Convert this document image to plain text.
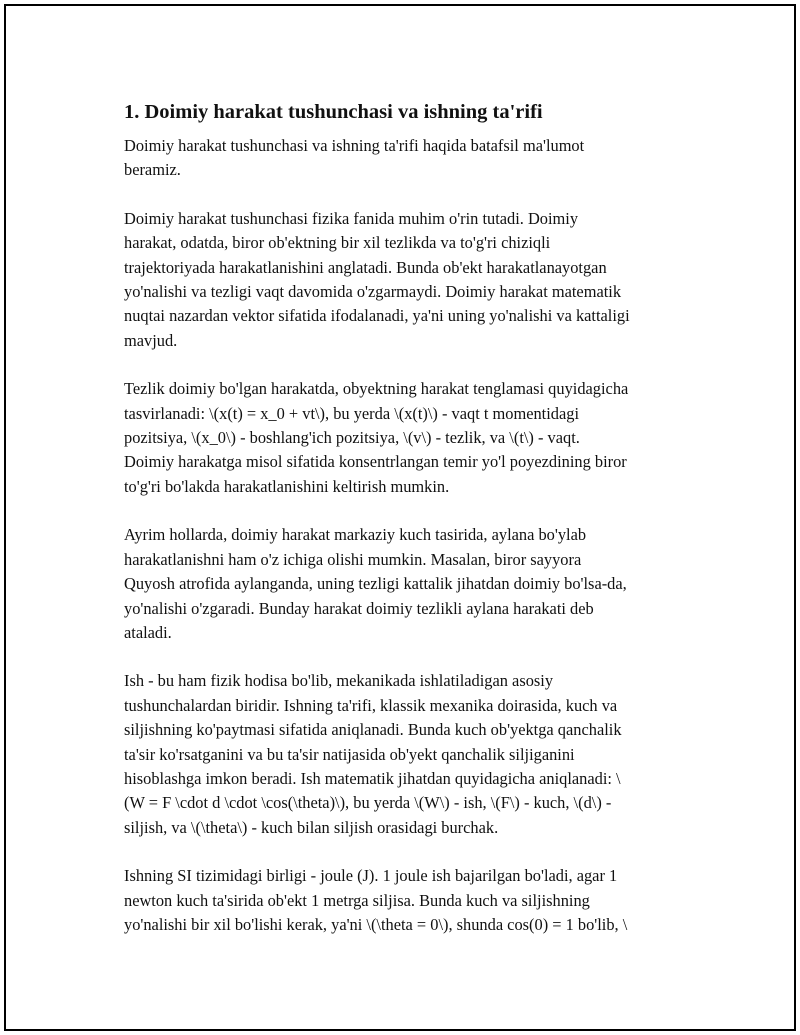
1. Doimiy harakat tushunchasi va ishning ta'rifi

Doimiy harakat tushunchasi va ishning ta'rifi haqida batafsil ma'lumot
beramiz.

Doimiy harakat tushunchasi fizika fanida muhim o'rin tutadi. Doimiy
harakat, odatda, biror ob'ektning bir xil tezlikda va to'g'ri chiziqli
trajektoriyada harakatlanishini anglatadi. Bunda ob'ekt harakatlanayotgan
yo'nalishi va tezligi vaqt davomida o'zgarmaydi. Doimiy harakat matematik
nuqtai nazardan vektor sifatida ifodalanadi, ya'ni uning yo'nalishi va kattaligi
mavjud.

Tezlik doimiy bo'lgan harakatda, obyektning harakat tenglamasi quyidagicha
tasvirlanadi: \(x(t) = x_0 + vt\), bu yerda \(x(t)\) - vaqt t momentidagi
pozitsiya, \(x_0\) - boshlang'ich pozitsiya, \(v\) - tezlik, va \(t\) - vaqt.
Doimiy harakatga misol sifatida konsentrlangan temir yo'l poyezdining biror
to'g'ri bo'lakda harakatlanishini keltirish mumkin.

Ayrim hollarda, doimiy harakat markaziy kuch tasirida, aylana bo'ylab
harakatlanishni ham o'z ichiga olishi mumkin. Masalan, biror sayyora
Quyosh atrofida aylanganda, uning tezligi kattalik jihatdan doimiy bo'lsa-da,
yo'nalishi o'zgaradi. Bunday harakat doimiy tezlikli aylana harakati deb
ataladi.

Ish - bu ham fizik hodisa bo'lib, mekanikada ishlatiladigan asosiy
tushunchalardan biridir. Ishning ta'rifi, klassik mexanika doirasida, kuch va
siljishning ko'paytmasi sifatida aniqlanadi. Bunda kuch ob'yektga qanchalik
ta'sir ko'rsatganini va bu ta'sir natijasida ob'yekt qanchalik siljiganini
hisoblashga imkon beradi. Ish matematik jihatdan quyidagicha aniqlanadi: \
(W = F \cdot d \cdot \cos(\theta)\), bu yerda \(W\) - ish, \(F\) - kuch, \(d\) -
siljish, va \(\theta\) - kuch bilan siljish orasidagi burchak.

Ishning SI tizimidagi birligi - joule (J). 1 joule ish bajarilgan bo'ladi, agar 1
newton kuch ta'sirida ob'ekt 1 metrga siljisa. Bunda kuch va siljishning
yo'nalishi bir xil bo'lishi kerak, ya'ni \(\theta = 0\), shunda cos(0) = 1 bo'lib, \
